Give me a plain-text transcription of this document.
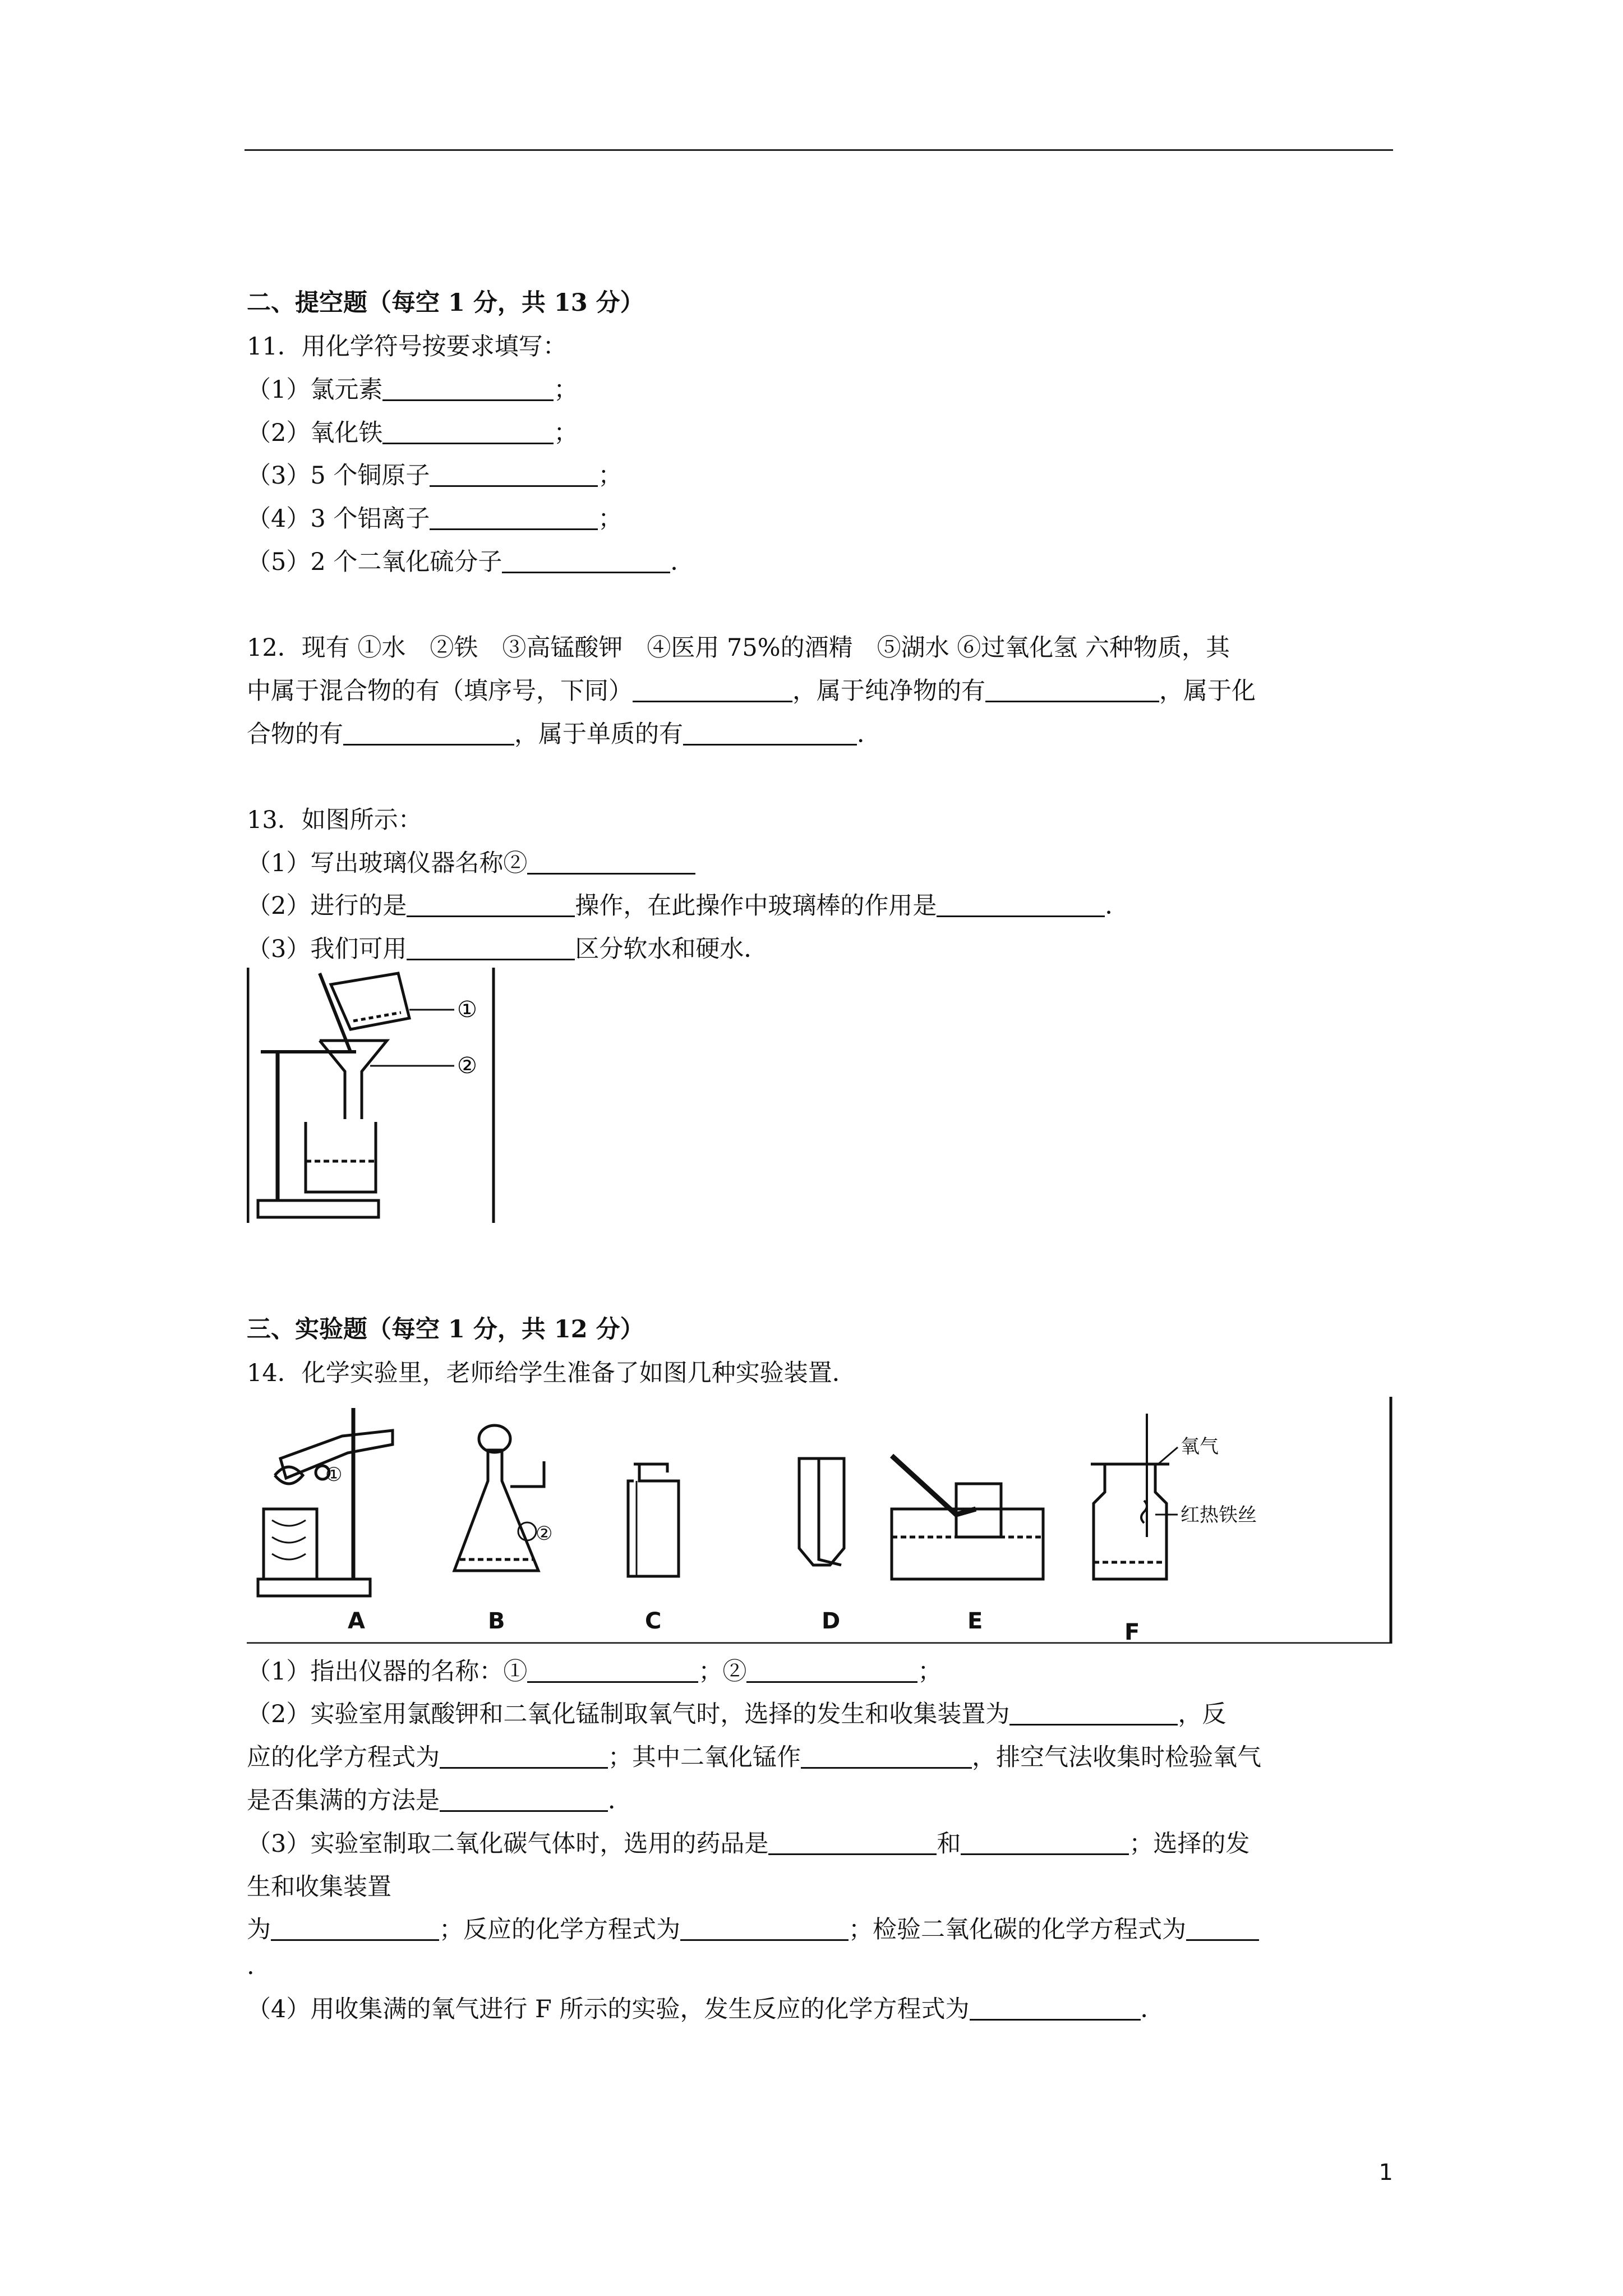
二、提空题（每空 1 分，共 13 分）
11．用化学符号按要求填写：
（1）氯元素	；
（2）氧化铁	；
（3）5 个铜原子	；
（4）3 个铝离子	；
（5）2 个二氧化硫分子	．
12．现有 ①水　②铁　③高锰酸钾　④医用 75%的酒精　⑤湖水 ⑥过氧化氢 六种物质，其
中属于混合物的有（填序号，下同）	，属于纯净物的有	，属于化
合物的有	，属于单质的有	．
13．如图所示：
（1）写出玻璃仪器名称②
（2）进行的是	操作，在此操作中玻璃棒的作用是	．
（3）我们可用	区分软水和硬水．
三、实验题（每空 1 分，共 12 分）
14．化学实验里，老师给学生准备了如图几种实验装置．
（1）指出仪器的名称：①	；②	；
（2）实验室用氯酸钾和二氧化锰制取氧气时，选择的发生和收集装置为	，反
应的化学方程式为	；其中二氧化锰作	，排空气法收集时检验氧气
是否集满的方法是	．
（3）实验室制取二氧化碳气体时，选用的药品是	和	；选择的发
生和收集装置
为	；反应的化学方程式为	；检验二氧化碳的化学方程式为
.
（4）用收集满的氧气进行 F 所示的实验，发生反应的化学方程式为	．
①
②
A	B	C	D	E	F
①
②
氧气
红热铁丝
1
